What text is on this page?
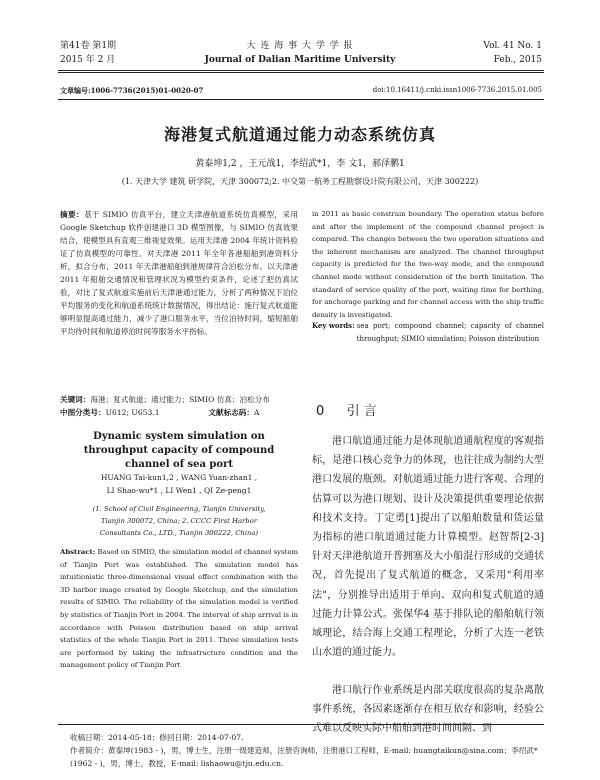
第41卷 第1期
2015 年 2 月
大 连 海 事 大 学 学 报
Journal of Dalian Maritime University
Vol. 41 No. 1
Feb., 2015
文章编号:1006-7736(2015)01-0020-07	doi:10.16411/j.cnki.issn1006-7736.2015.01.005
海港复式航道通过能力动态系统仿真
黄泰坤1,2 ，王元战1，李绍武*1，李 文1，郝泽鹏1
(1. 天津大学 建筑 研学院，天津 300072;2. 中交第一航务工程勘察设计院有限公司，天津 300222)
摘要：基于 SIMIO 仿真平台，建立天津港航道系统仿真模型，采用 Google Sketchup 软件创建港口 3D 模型图像，与 SIMIO 仿真效果结合，使模型具有直观三维视觉效果。运用天津港 2004 年统计资料验证了仿真模型的可靠性。对天津港 2011 年全年各港船舶到港资料分析，拟合分布，2011 年天津港船舶到港规律符合泊松分布。以天津港 2011 年船舶交通情况和管理状况为模型约束条件，论述了把仿真试验，对比了复式航道实施前后天津港通过能力，分析了两种情况下泊位平均服务的变化和航道系统统计数据情况，得出结论：施行复式航道能够明显提高通过能力，减少了港口服务水平，当位泊待时间，缩短船舶平均待时间和航道停泊时间等服务水平指标。
关键词：海港；复式航道；通过能力；SIMIO 仿真；泊松分布
中图分类号：U612; U653.1	文献标志码：A
Dynamic system simulation on throughput capacity of compound channel of sea port
HUANG Tai-kun1,2 , WANG Yuan-zhan1 ,
LI Shao-wu*1 , LI Wen1 , QI Ze-peng1
(1. School of Civil Engineering, Tianjin University,
Tianjin 300072, China; 2. CCCC First Harbor
Consultants Co., LTD., Tianjin 300222, China)
Abstract: Based on SIMIO, the simulation model of channel system of Tianjin Port was established. The simulation model has intuitionistic three-dimensional visual effect combination with the 3D harbor image created by Google Sketchup, and the simulation results of SIMIO. The reliability of the simulation model is verified by statistics of Tianjin Port in 2004. The interval of ship arrival is in accordance with Poisson distribution based on ship arrival statistics of the whole Tianjin Port in 2011. Three simulation tests are performed by taking the infrastructure condition and the management policy of Tianjin Port
in 2011 as basic constrain boundary. The operation status before and after the implement of the compound channel project is compared. The changes between the two operation situations and the inherent mechanism are analyzed. The channel throughput capacity is predicted for the two-way mode, and the compound channel mode without consideration of the berth limitation. The standard of service quality of the port, waiting time for berthing, for anchorage parking and for channel access with the ship traffic density is investigated.
Key words: sea port; compound channel; capacity of channel throughput; SIMIO simulation; Poisson distribution
0 引 言
港口航道通过能力是体现航道通航程度的客观指标，是港口核心竞争力的体现，也往往成为制约大型港口发展的瓶颈。对航道通过能力进行客观、合理的估算可以为港口规划、设计及决策提供重要理论依据和技术支持。丁定勇[1]提出了以船舶数量和货运量为指标的港口航道通过能力计算模型。赵智帮[2-3]针对天津港航道开普拥塞及大小船混行形成的交通状况，首先提出了复式航道的概念，又采用"利用率法"，分别推导出适用于单向、双向和复式航道的通过能力计算公式。张保华4 基于排队论的船舶航行领域理论，结合海上交通工程理论，分析了大连一老铁山水道的通过能力。
港口航行作业系统是内部关联度很高的复杂离散事件系统，各因素逐渐存在相互依存和影响，经验公式难以反映实际中船舶到港时间间隔、到
收稿日期：2014-05-18；修回日期：2014-07-07.
作者简介：黄泰坤(1983 - )，男，博士生，注册一级建造师，注册咨询师，注册港口工程师，E-mail: huangtaikun@sina.com；李绍武*(1962 - )，男，博士，教授，E-mail: lishaowu@tju.edu.cn.
